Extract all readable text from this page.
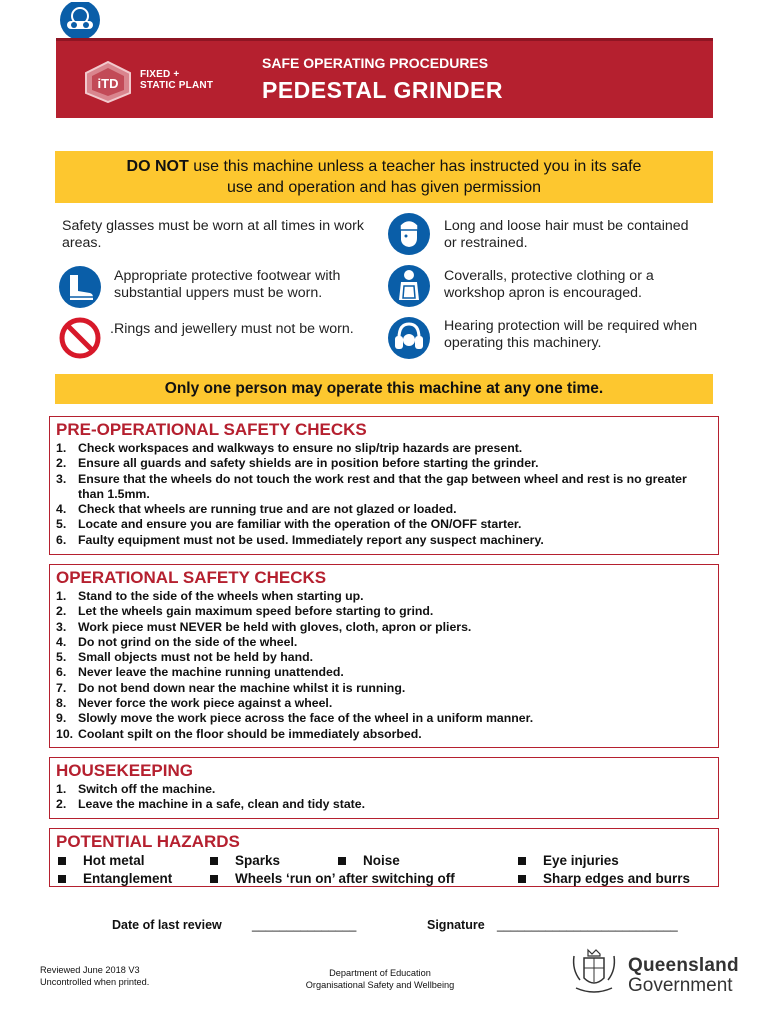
iTD
FIXED +
STATIC PLANT
SAFE OPERATING PROCEDURES
PEDESTAL GRINDER
DO NOT use this machine unless a teacher has instructed you in its safe
use and operation and has given permission
Safety glasses must be worn at all times in work areas.
Long and loose hair must be contained or restrained.
Appropriate protective footwear with substantial uppers must be worn.
Coveralls, protective clothing or a workshop apron is encouraged.
.Rings and jewellery must not be worn.	Hearing protection will be required when operating this machinery.
Only one person may operate this machine at any one time.
PRE-OPERATIONAL SAFETY CHECKS
1. Check workspaces and walkways to ensure no slip/trip hazards are present.
2. Ensure all guards and safety shields are in position before starting the grinder.
3. Ensure that the wheels do not touch the work rest and that the gap between wheel and rest is no greater than 1.5mm.
4. Check that wheels are running true and are not glazed or loaded.
5. Locate and ensure you are familiar with the operation of the ON/OFF starter.
6. Faulty equipment must not be used. Immediately report any suspect machinery.
OPERATIONAL SAFETY CHECKS
1. Stand to the side of the wheels when starting up.
2. Let the wheels gain maximum speed before starting to grind.
3. Work piece must NEVER be held with gloves, cloth, apron or pliers.
4. Do not grind on the side of the wheel.
5. Small objects must not be held by hand.
6. Never leave the machine running unattended.
7. Do not bend down near the machine whilst it is running.
8. Never force the work piece against a wheel.
9. Slowly move the work piece across the face of the wheel in a uniform manner.
10. Coolant spilt on the floor should be immediately absorbed.
HOUSEKEEPING
1. Switch off the machine.
2. Leave the machine in a safe, clean and tidy state.
POTENTIAL HAZARDS
Hot metal	Sparks	Noise	Eye injuries
Entanglement	Wheels ‘run on’ after switching off	Sharp edges and burrs
Date of last review _______________	Signature __________________________
Reviewed June 2018 V3
Uncontrolled when printed.
Department of Education
Organisational Safety and Wellbeing
Queensland
Government
